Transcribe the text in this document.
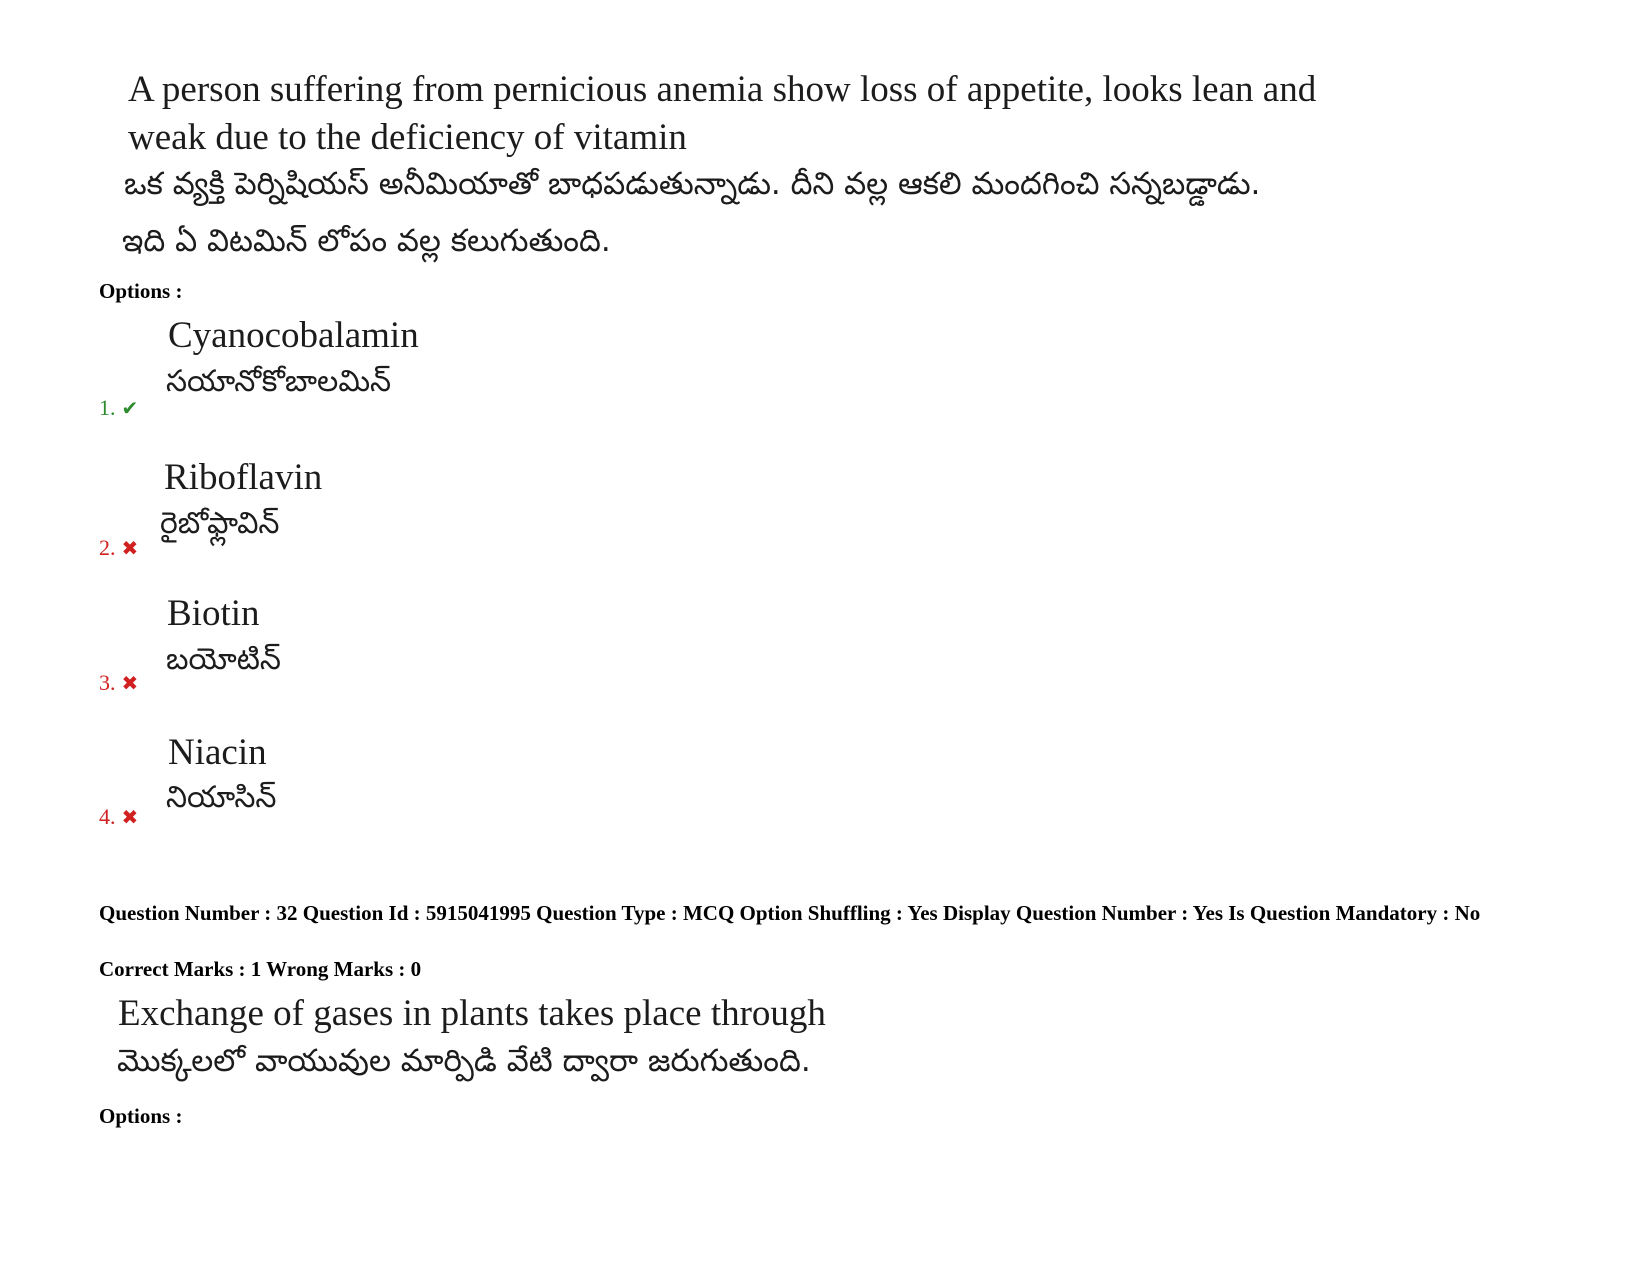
A person suffering from pernicious anemia show loss of appetite, looks lean and
weak due to the deficiency of vitamin
ఒక వ్యక్తి పెర్నిషియస్ అనీమియాతో బాధపడుతున్నాడు. దీని వల్ల ఆకలి మందగించి సన్నబడ్డాడు.
ఇది ఏ విటమిన్ లోపం వల్ల కలుగుతుంది.
Options :
Cyanocobalamin
సయానోకోబాలమిన్
1. ✔
Riboflavin
రైబోఫ్లావిన్
2. ✖
Biotin
బయోటిన్
3. ✖
Niacin
నియాసిన్
4. ✖
Question Number : 32 Question Id : 5915041995 Question Type : MCQ Option Shuffling : Yes Display Question Number : Yes Is Question Mandatory : No
Correct Marks : 1 Wrong Marks : 0
Exchange of gases in plants takes place through
మొక్కలలో వాయువుల మార్పిడి వేటి ద్వారా జరుగుతుంది.
Options :
